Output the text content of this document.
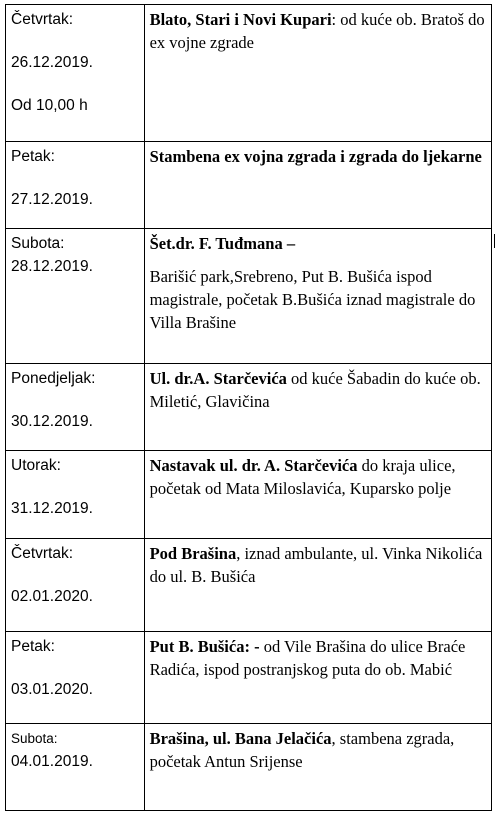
Četvrtak:
26.12.2019.
Od 10,00 h	Blato, Stari i Novi Kupari: od kuće ob. Bratoš do ex vojne zgrade
Petak:
27.12.2019.	Stambena ex vojna zgrada i zgrada do ljekarne
Subota:
28.12.2019.	Šet.dr. F. Tuđmana –
Barišić park,Srebreno, Put B. Bušića ispod magistrale, početak B.Bušića iznad magistrale do Villa Brašine
Ponedjeljak:
30.12.2019.	Ul. dr.A. Starčevića od kuće Šabadin do kuće ob. Miletić, Glavičina
Utorak:
31.12.2019.	Nastavak ul. dr. A. Starčevića do kraja ulice, početak od Mata Miloslavića, Kuparsko polje
Četvrtak:
02.01.2020.	Pod Brašina, iznad ambulante, ul. Vinka Nikolića do ul. B. Bušića
Petak:
03.01.2020.	Put B. Bušića: - od Vile Brašina do ulice Braće Radića, ispod postranjskog puta do ob. Mabić
Subota:
04.01.2019.	Brašina, ul. Bana Jelačića, stambena zgrada, početak Antun Srijense
